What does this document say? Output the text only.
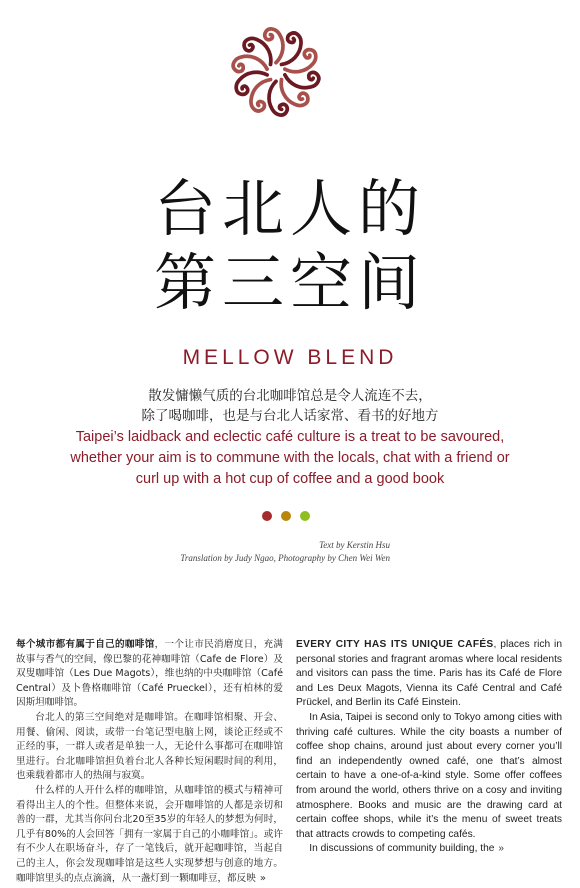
台北人的
第三空间
MELLOW BLEND
散发慵懒气质的台北咖啡馆总是令人流连不去，
除了喝咖啡，也是与台北人话家常、看书的好地方
Taipei’s laidback and eclectic café culture is a treat to be savoured,
whether your aim is to commune with the locals, chat with a friend or
curl up with a hot cup of coffee and a good book
Text by Kerstin Hsu
Translation by Judy Ngao, Photography by Chen Wei Wen

每个城市都有属于自己的咖啡馆，一个让市民消磨度日，充满故事与香气的空间，像巴黎的花神咖啡馆（Cafe de Flore）及双叟咖啡馆（Les Due Magots），维也纳的中央咖啡馆（Café Central）及卜鲁格咖啡馆（Café Prueckel），还有柏林的爱因斯坦咖啡馆。

台北人的第三空间绝对是咖啡馆。在咖啡馆相聚、开会、用餐、偷闲、阅读，或带一台笔记型电脑上网，谈论正经或不正经的事，一群人或者是单独一人，无论什么事都可在咖啡馆里进行。台北咖啡馆担负着台北人各种长短闲暇时间的利用，也乘载着都市人的热闹与寂寞。

什么样的人开什么样的咖啡馆，从咖啡馆的模式与精神可看得出主人的个性。但整体来说，会开咖啡馆的人都是亲切和善的一群，尤其当你问台北20至35岁的年轻人的梦想为何时，几乎有80%的人会回答「拥有一家属于自己的小咖啡馆」。或许有不少人在职场奋斗，存了一笔钱后，就开起咖啡馆，当起自己的主人，你会发现咖啡馆是这些人实现梦想与创意的地方。咖啡馆里头的点点滴滴，从一盏灯到一颗咖啡豆，都反映 »

EVERY CITY HAS ITS UNIQUE CAFÉS, places rich in personal stories and fragrant aromas where local residents and visitors can pass the time. Paris has its Café de Flore and Les Deux Magots, Vienna its Café Central and Café Prückel, and Berlin its Café Einstein.

In Asia, Taipei is second only to Tokyo among cities with thriving café cultures. While the city boasts a number of coffee shop chains, around just about every corner you’ll find an independently owned café, one that’s almost certain to have a one-of-a-kind style. Some offer coffees from around the world, others thrive on a cosy and inviting atmosphere. Books and music are the drawing card at certain coffee shops, while it’s the menu of sweet treats that attracts crowds to competing cafés.

In discussions of community building, the »
